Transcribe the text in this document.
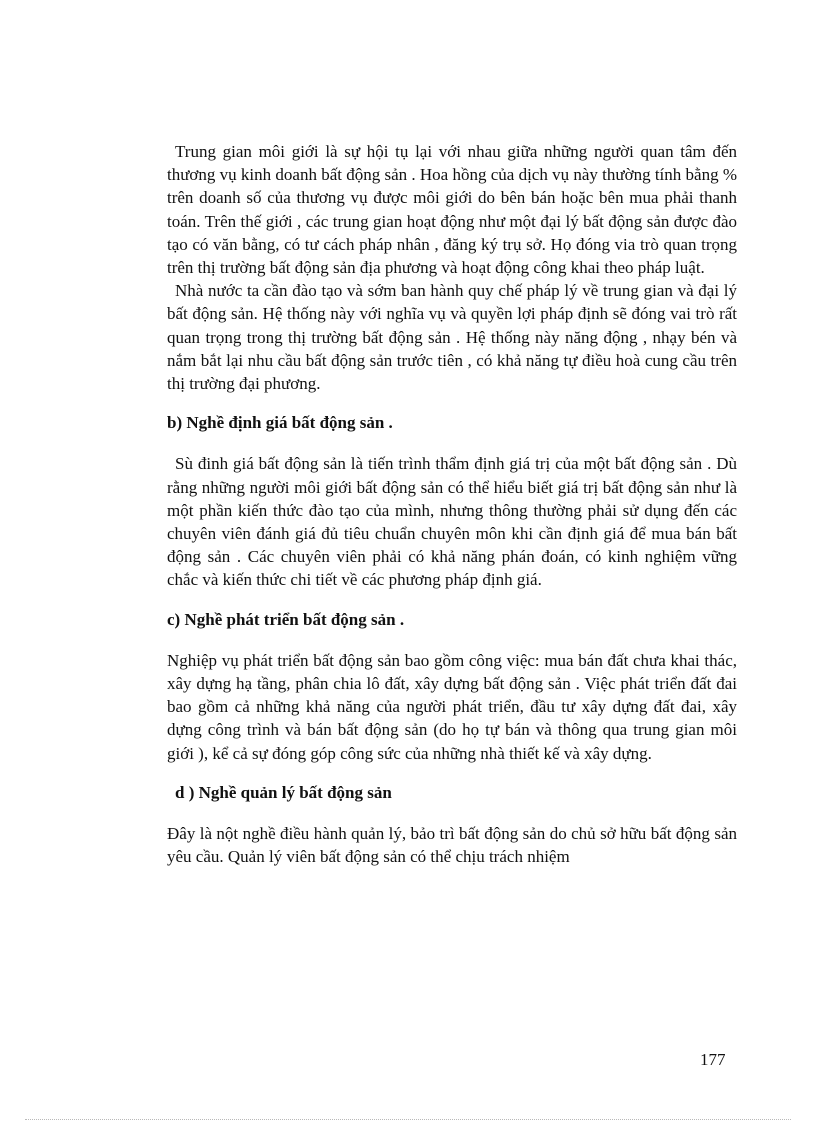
Trung gian môi giới là sự hội tụ lại với nhau giữa những người quan tâm đến thương vụ kinh doanh bất động sản . Hoa hồng của dịch vụ này thường tính bằng % trên doanh số của thương vụ được môi giới do bên bán hoặc bên mua phải thanh toán. Trên thế giới , các trung gian hoạt động như một đại lý bất động sản được đào tạo có văn bằng, có tư cách pháp nhân , đăng ký trụ sở. Họ đóng via trò quan trọng trên thị trường bất động sản địa phương và hoạt động công khai theo pháp luật.

Nhà nước ta cần đào tạo và sớm ban hành quy chế pháp lý về trung gian và đại lý bất động sản. Hệ thống này với nghĩa vụ và quyền lợi pháp định sẽ đóng vai trò rất quan trọng trong thị trường bất động sản . Hệ thống này năng động , nhạy bén và nắm bắt lại nhu cầu bất động sản trước tiên , có khả năng tự điều hoà cung cầu trên thị trường đại phương.

b) Nghề định giá bất động sản .

Sù đinh giá bất động sản là tiến trình thẩm định giá trị của một bất động sản . Dù rằng những người môi giới bất động sản có thể hiểu biết giá trị bất động sản như là một phần kiến thức đào tạo của mình, nhưng thông thường phải sử dụng đến các chuyên viên đánh giá đủ tiêu chuẩn chuyên môn khi cần định giá để mua bán bất động sản . Các chuyên viên phải có khả năng phán đoán, có kinh nghiệm vững chắc và kiến thức chi tiết về các phương pháp định giá.

c) Nghề phát triển bất động sản .

Nghiệp vụ phát triển bất động sản bao gồm công việc: mua bán đất chưa khai thác, xây dựng hạ tầng, phân chia lô đất, xây dựng bất động sản . Việc phát triển đất đai bao gồm cả những khả năng của người phát triển, đầu tư xây dựng đất đai, xây dựng công trình và bán bất động sản (do họ tự bán và thông qua trung gian môi giới ), kể cả sự đóng góp công sức của những nhà thiết kế và xây dựng.

d ) Nghề quản lý bất động sản

Đây là nột nghề điều hành quản lý, bảo trì bất động sản do chủ sở hữu bất động sản yêu cầu. Quản lý viên bất động sản có thể chịu trách nhiệm

177
